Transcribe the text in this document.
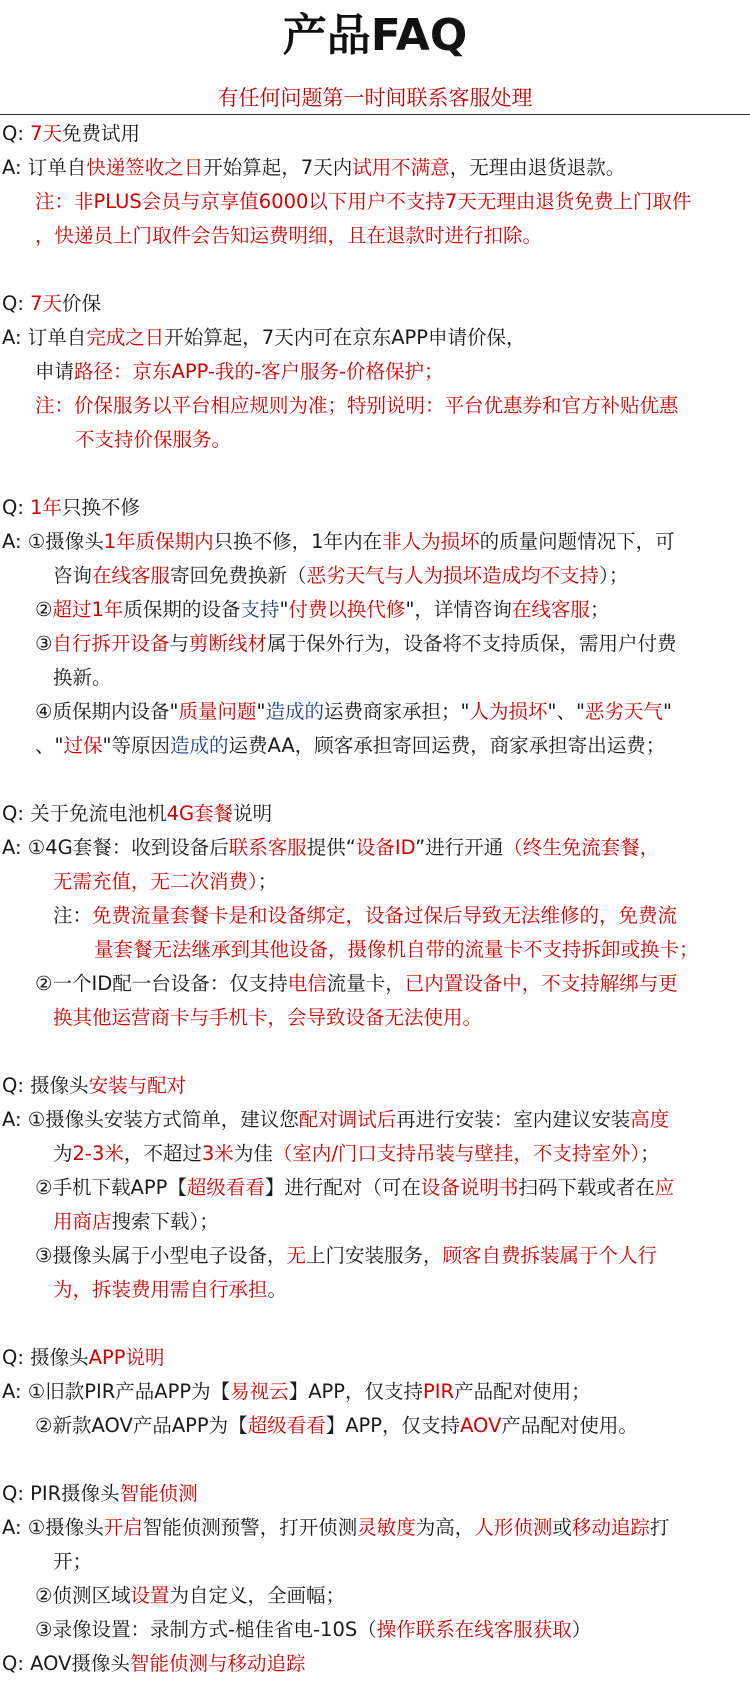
产品FAQ
有任何问题第一时间联系客服处理
Q: 7天免费试用
A: 订单自快递签收之日开始算起，7天内试用不满意，无理由退货退款。
注：非PLUS会员与京享值6000以下用户不支持7天无理由退货免费上门取件
，快递员上门取件会告知运费明细，且在退款时进行扣除。
Q: 7天价保
A: 订单自完成之日开始算起，7天内可在京东APP申请价保，
申请路径：京东APP-我的-客户服务-价格保护；
注：价保服务以平台相应规则为准；特别说明：平台优惠券和官方补贴优惠
不支持价保服务。
Q: 1年只换不修
A: ①摄像头1年质保期内只换不修，1年内在非人为损坏的质量问题情况下，可
咨询在线客服寄回免费换新（恶劣天气与人为损坏造成均不支持）；
②超过1年质保期的设备支持"付费以换代修"，详情咨询在线客服；
③自行拆开设备与剪断线材属于保外行为，设备将不支持质保，需用户付费
换新。
④质保期内设备"质量问题"造成的运费商家承担；"人为损坏"、"恶劣天气"
、"过保"等原因造成的运费AA，顾客承担寄回运费，商家承担寄出运费；
Q: 关于免流电池机4G套餐说明
A: ①4G套餐：收到设备后联系客服提供“设备ID”进行开通（终生免流套餐，
无需充值，无二次消费）；
注：免费流量套餐卡是和设备绑定，设备过保后导致无法维修的，免费流
量套餐无法继承到其他设备，摄像机自带的流量卡不支持拆卸或换卡；
②一个ID配一台设备：仅支持电信流量卡，已内置设备中，不支持解绑与更
换其他运营商卡与手机卡，会导致设备无法使用。
Q: 摄像头安装与配对
A: ①摄像头安装方式简单，建议您配对调试后再进行安装：室内建议安装高度
为2-3米，不超过3米为佳（室内/门口支持吊装与壁挂，不支持室外）；
②手机下载APP【超级看看】进行配对（可在设备说明书扫码下载或者在应
用商店搜索下载）；
③摄像头属于小型电子设备，无上门安装服务，顾客自费拆装属于个人行
为，拆装费用需自行承担。
Q: 摄像头APP说明
A: ①旧款PIR产品APP为【易视云】APP，仅支持PIR产品配对使用；
②新款AOV产品APP为【超级看看】APP，仅支持AOV产品配对使用。
Q: PIR摄像头智能侦测
A: ①摄像头开启智能侦测预警，打开侦测灵敏度为高，人形侦测或移动追踪打
开；
②侦测区域设置为自定义，全画幅；
③录像设置：录制方式-槌佳省电-10S（操作联系在线客服获取）
Q: AOV摄像头智能侦测与移动追踪
